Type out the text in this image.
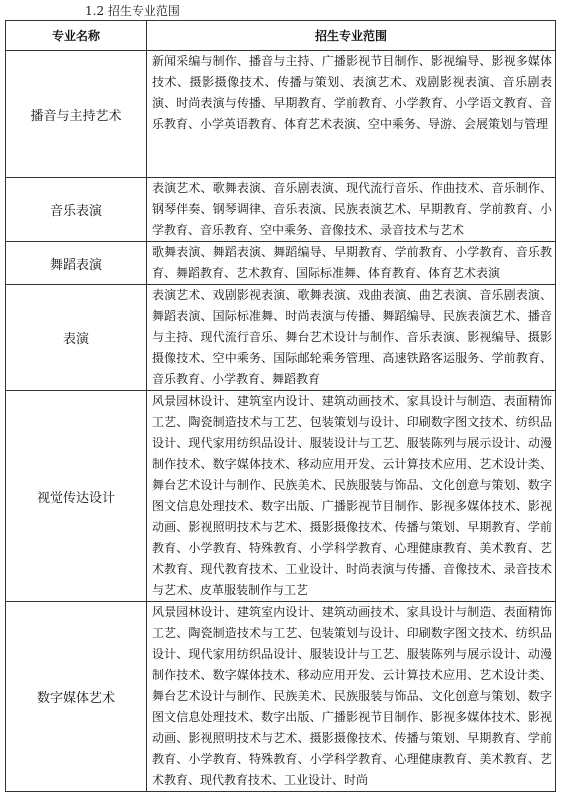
1.2 招生专业范围
专业名称	招生专业范围
播音与主持艺术	新闻采编与制作、播音与主持、广播影视节目制作、影视编导、影视多媒体技术、摄影摄像技术、传播与策划、表演艺术、戏剧影视表演、音乐剧表演、时尚表演与传播、早期教育、学前教育、小学教育、小学语文教育、音乐教育、小学英语教育、体育艺术表演、空中乘务、导游、会展策划与管理
音乐表演	表演艺术、歌舞表演、音乐剧表演、现代流行音乐、作曲技术、音乐制作、钢琴伴奏、钢琴调律、音乐表演、民族表演艺术、早期教育、学前教育、小学教育、音乐教育、空中乘务、音像技术、录音技术与艺术
舞蹈表演	歌舞表演、舞蹈表演、舞蹈编导、早期教育、学前教育、小学教育、音乐教育、舞蹈教育、艺术教育、国际标准舞、体育教育、体育艺术表演
表演	表演艺术、戏剧影视表演、歌舞表演、戏曲表演、曲艺表演、音乐剧表演、舞蹈表演、国际标准舞、时尚表演与传播、舞蹈编导、民族表演艺术、播音与主持、现代流行音乐、舞台艺术设计与制作、音乐表演、影视编导、摄影摄像技术、空中乘务、国际邮轮乘务管理、高速铁路客运服务、学前教育、音乐教育、小学教育、舞蹈教育
视觉传达设计	风景园林设计、建筑室内设计、建筑动画技术、家具设计与制造、表面精饰工艺、陶瓷制造技术与工艺、包装策划与设计、印刷数字图文技术、纺织品设计、现代家用纺织品设计、服装设计与工艺、服装陈列与展示设计、动漫制作技术、数字媒体技术、移动应用开发、云计算技术应用、艺术设计类、舞台艺术设计与制作、民族美术、民族服装与饰品、文化创意与策划、数字图文信息处理技术、数字出版、广播影视节目制作、影视多媒体技术、影视动画、影视照明技术与艺术、摄影摄像技术、传播与策划、早期教育、学前教育、小学教育、特殊教育、小学科学教育、心理健康教育、美术教育、艺术教育、现代教育技术、工业设计、时尚表演与传播、音像技术、录音技术与艺术、皮革服装制作与工艺
数字媒体艺术	风景园林设计、建筑室内设计、建筑动画技术、家具设计与制造、表面精饰工艺、陶瓷制造技术与工艺、包装策划与设计、印刷数字图文技术、纺织品设计、现代家用纺织品设计、服装设计与工艺、服装陈列与展示设计、动漫制作技术、数字媒体技术、移动应用开发、云计算技术应用、艺术设计类、舞台艺术设计与制作、民族美术、民族服装与饰品、文化创意与策划、数字图文信息处理技术、数字出版、广播影视节目制作、影视多媒体技术、影视动画、影视照明技术与艺术、摄影摄像技术、传播与策划、早期教育、学前教育、小学教育、特殊教育、小学科学教育、心理健康教育、美术教育、艺术教育、现代教育技术、工业设计、时尚
